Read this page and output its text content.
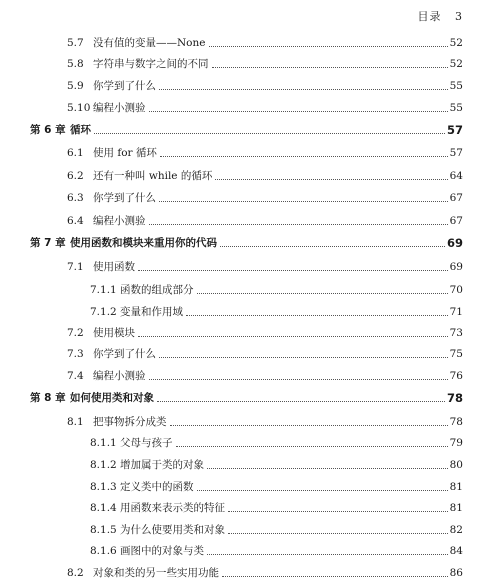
目录 3
5.7 没有值的变量——None	52
5.8 字符串与数字之间的不同	52
5.9 你学到了什么	55
5.10 编程小测验	55
第 6 章 循环	57
6.1 使用 for 循环	57
6.2 还有一种叫 while 的循环	64
6.3 你学到了什么	67
6.4 编程小测验	67
第 7 章 使用函数和模块来重用你的代码	69
7.1 使用函数	69
7.1.1 函数的组成部分	70
7.1.2 变量和作用域	71
7.2 使用模块	73
7.3 你学到了什么	75
7.4 编程小测验	76
第 8 章 如何使用类和对象	78
8.1 把事物拆分成类	78
8.1.1 父母与孩子	79
8.1.2 增加属于类的对象	80
8.1.3 定义类中的函数	81
8.1.4 用函数来表示类的特征	81
8.1.5 为什么使要用类和对象	82
8.1.6 画图中的对象与类	84
8.2 对象和类的另一些实用功能	86
